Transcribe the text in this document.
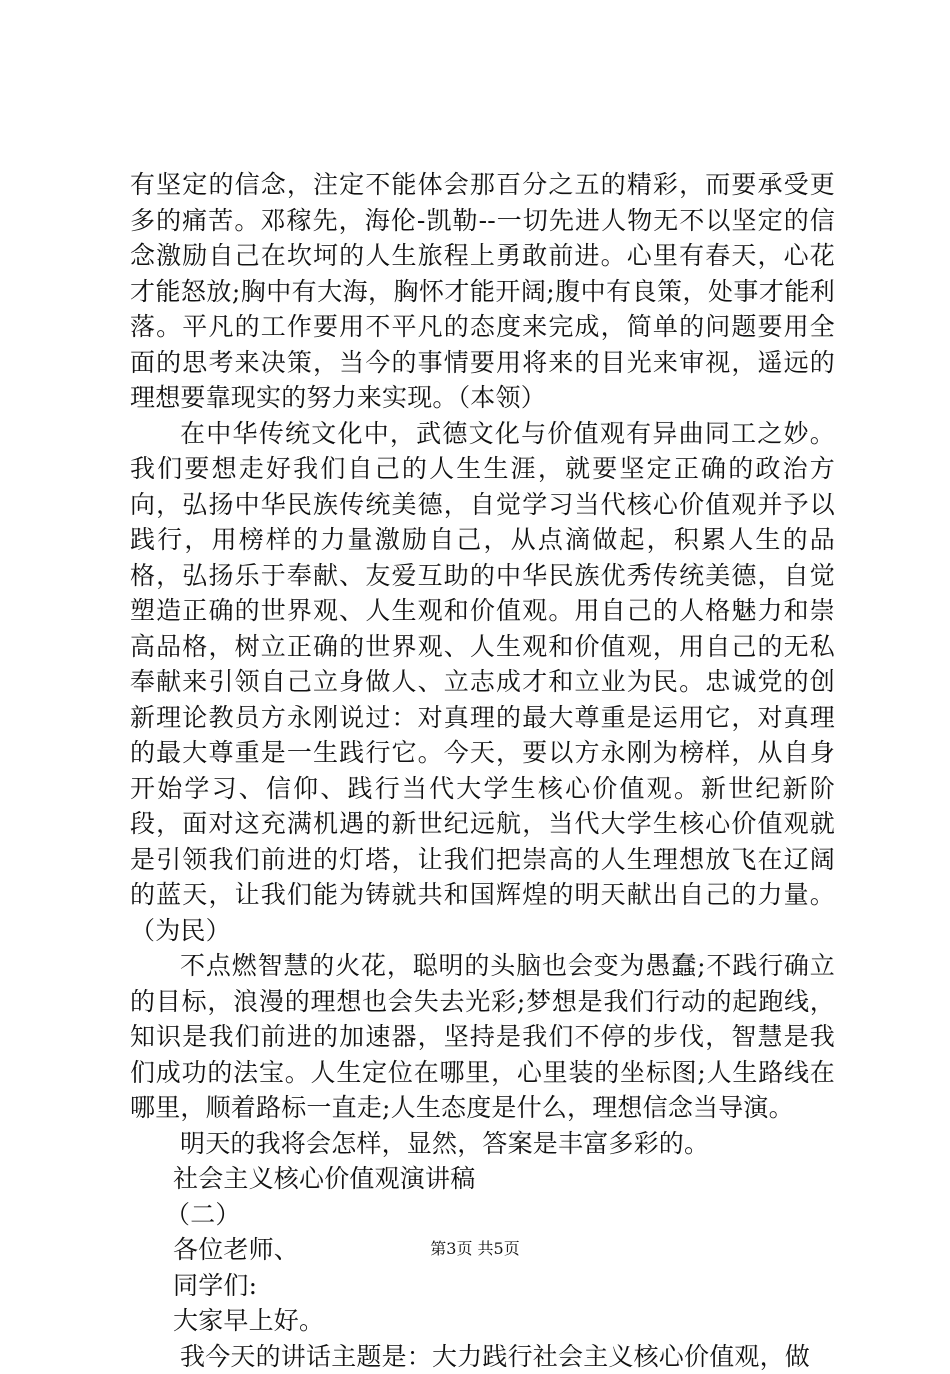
有坚定的信念，注定不能体会那百分之五的精彩，而要承受更多的痛苦。邓稼先，海伦-凯勒--一切先进人物无不以坚定的信念激励自己在坎坷的人生旅程上勇敢前进。心里有春天，心花才能怒放;胸中有大海，胸怀才能开阔;腹中有良策，处事才能利落。平凡的工作要用不平凡的态度来完成，简单的问题要用全面的思考来决策，当今的事情要用将来的目光来审视，遥远的理想要靠现实的努力来实现。（本领）

在中华传统文化中，武德文化与价值观有异曲同工之妙。我们要想走好我们自己的人生生涯，就要坚定正确的政治方向，弘扬中华民族传统美德，自觉学习当代核心价值观并予以践行，用榜样的力量激励自己，从点滴做起，积累人生的品格，弘扬乐于奉献、友爱互助的中华民族优秀传统美德，自觉塑造正确的世界观、人生观和价值观。用自己的人格魅力和崇高品格，树立正确的世界观、人生观和价值观，用自己的无私奉献来引领自己立身做人、立志成才和立业为民。忠诚党的创新理论教员方永刚说过：对真理的最大尊重是运用它，对真理的最大尊重是一生践行它。今天，要以方永刚为榜样，从自身开始学习、信仰、践行当代大学生核心价值观。新世纪新阶段，面对这充满机遇的新世纪远航，当代大学生核心价值观就是引领我们前进的灯塔，让我们把崇高的人生理想放飞在辽阔的蓝天，让我们能为铸就共和国辉煌的明天献出自己的力量。（为民）

不点燃智慧的火花，聪明的头脑也会变为愚蠢;不践行确立的目标，浪漫的理想也会失去光彩;梦想是我们行动的起跑线，知识是我们前进的加速器，坚持是我们不停的步伐，智慧是我们成功的法宝。人生定位在哪里，心里装的坐标图;人生路线在哪里，顺着路标一直走;人生态度是什么，理想信念当导演。

明天的我将会怎样，显然，答案是丰富多彩的。

社会主义核心价值观演讲稿

（二）

各位老师、

同学们:

大家早上好。

我今天的讲话主题是：大力践行社会主义核心价值观，做

第3页 共5页
